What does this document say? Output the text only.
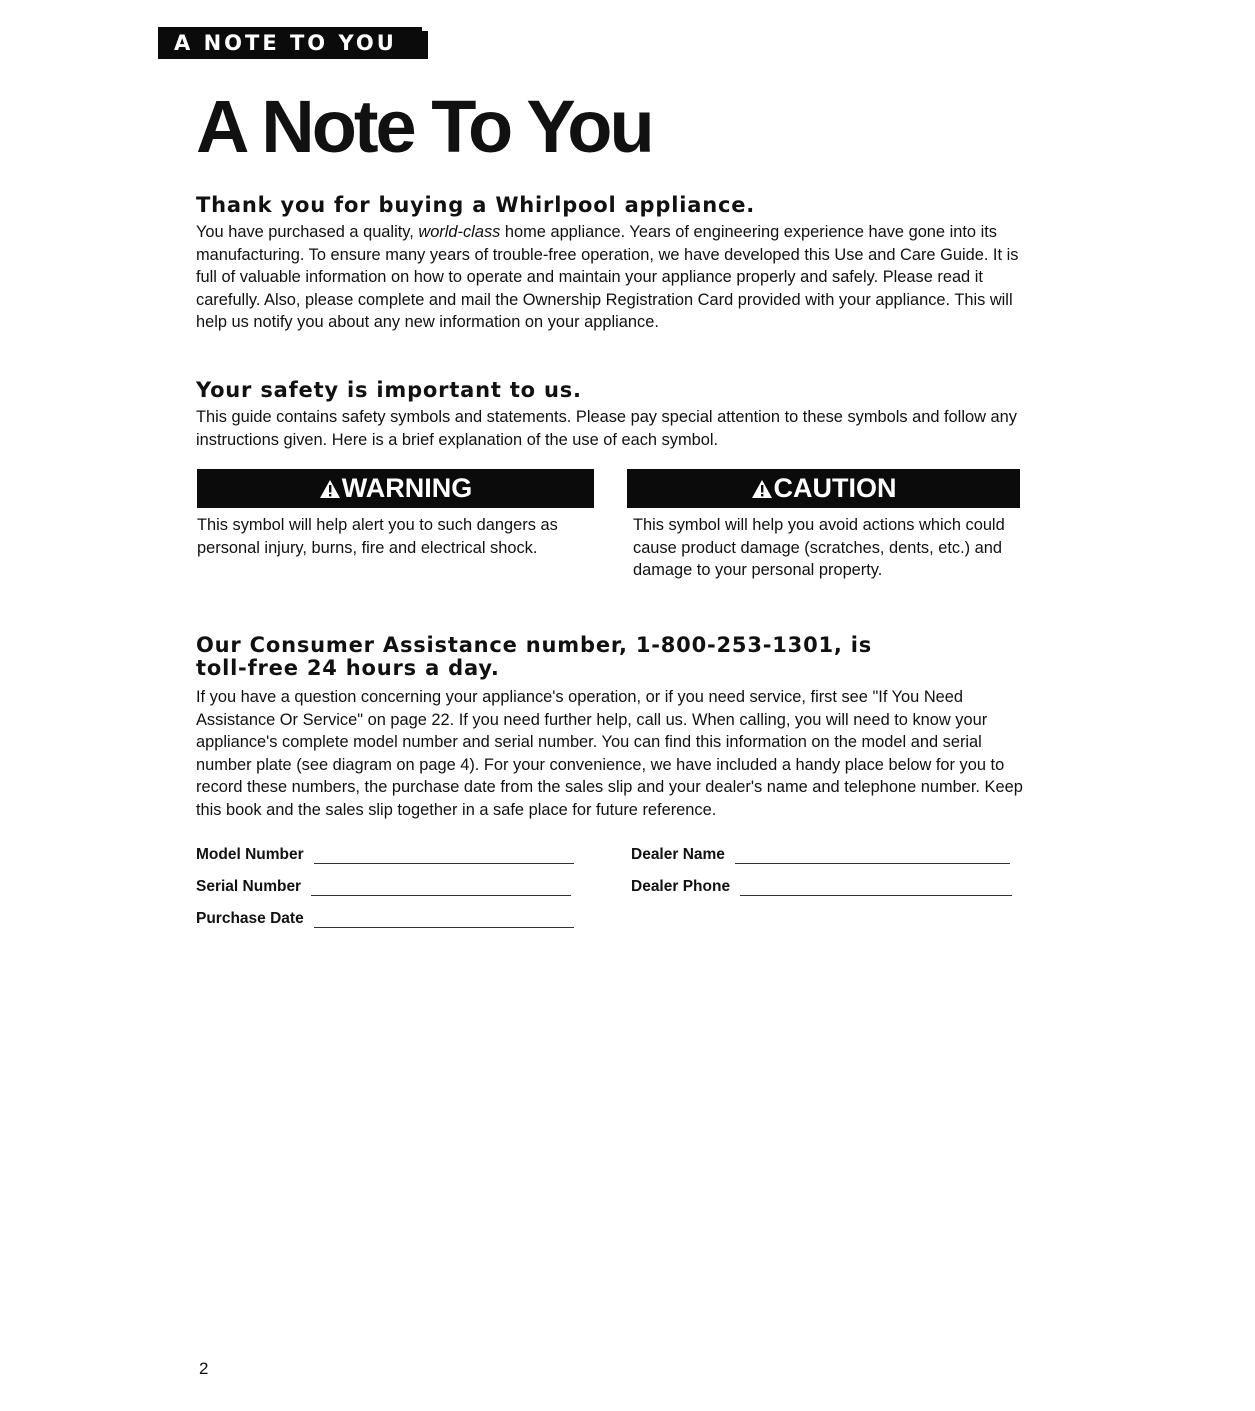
A NOTE TO YOU
A Note To You
Thank you for buying a Whirlpool appliance.

You have purchased a quality, world-class home appliance. Years of engineering experience have gone into its manufacturing. To ensure many years of trouble-free operation, we have developed this Use and Care Guide. It is full of valuable information on how to operate and maintain your appliance properly and safely. Please read it carefully. Also, please complete and mail the Ownership Registration Card provided with your appliance. This will help us notify you about any new information on your appliance.

Your safety is important to us.

This guide contains safety symbols and statements. Please pay special attention to these symbols and follow any instructions given. Here is a brief explanation of the use of each symbol.

WARNING	CAUTION

This symbol will help alert you to such dangers as personal injury, burns, fire and electrical shock.

This symbol will help you avoid actions which could cause product damage (scratches, dents, etc.) and damage to your personal property.

Our Consumer Assistance number, 1-800-253-1301, is
toll-free 24 hours a day.

If you have a question concerning your appliance's operation, or if you need service, first see "If You Need Assistance Or Service" on page 22. If you need further help, call us. When calling, you will need to know your appliance's complete model number and serial number. You can find this information on the model and serial number plate (see diagram on page 4). For your convenience, we have included a handy place below for you to record these numbers, the purchase date from the sales slip and your dealer's name and telephone number. Keep this book and the sales slip together in a safe place for future reference.

Model Number
Serial Number
Purchase Date
Dealer Name
Dealer Phone
2
